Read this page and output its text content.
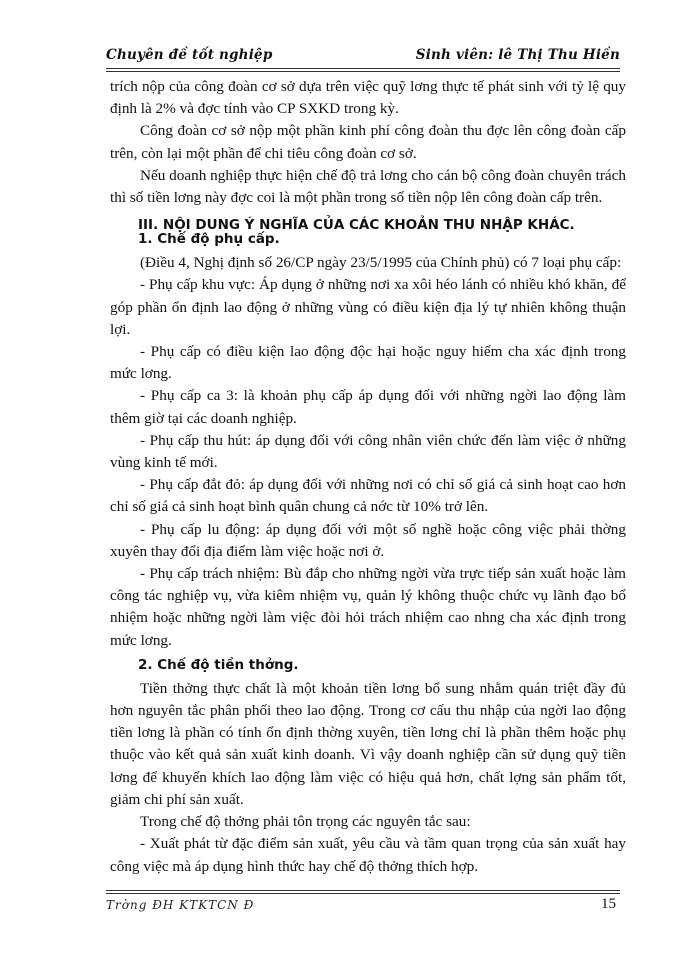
Chuyên đề tốt nghiệp	Sinh viên: lê Thị Thu Hiền

trích nộp của công đoàn cơ sở dựa trên việc quỹ lơng thực tế phát sinh với tỷ lệ quy định là 2% và đợc tính vào CP SXKD trong kỳ.

Công đoàn cơ sở nộp một phần kinh phí công đoàn thu đợc lên công đoàn cấp trên, còn lại một phần để chi tiêu công đoàn cơ sở.

Nếu doanh nghiệp thực hiện chế độ trả lơng cho cán bộ công đoàn chuyên trách thì số tiền lơng này đợc coi là một phần trong số tiền nộp lên công đoàn cấp trên.

III. NỘI DUNG Ý NGHĨA CỦA CÁC KHOẢN THU NHẬP KHÁC.

1. Chế độ phụ cấp.

(Điều 4, Nghị định số 26/CP ngày 23/5/1995 của Chính phủ) có 7 loại phụ cấp:

- Phụ cấp khu vực: Áp dụng ở những nơi xa xôi héo lánh có nhiều khó khăn, để góp phần ổn định lao động ở những vùng có điều kiện địa lý tự nhiên không thuận lợi.

- Phụ cấp có điều kiện lao động độc hại hoặc nguy hiểm cha xác định trong mức lơng.

- Phụ cấp ca 3: là khoản phụ cấp áp dụng đối với những ngời lao động làm thêm giờ tại các doanh nghiệp.

- Phụ cấp thu hút: áp dụng đối với công nhân viên chức đến làm việc ở những vùng kinh tế mới.

- Phụ cấp đắt đỏ: áp dụng đối với những nơi có chỉ số giá cả sinh hoạt cao hơn chỉ số giá cả sinh hoạt bình quân chung cả nớc từ 10% trở lên.

- Phụ cấp lu động: áp dụng đối với một số nghề hoặc công việc phải thờng xuyên thay đổi địa điểm làm việc hoặc nơi ở.

- Phụ cấp trách nhiệm: Bù đắp cho những ngời vừa trực tiếp sản xuất hoặc làm công tác nghiệp vụ, vừa kiêm nhiệm vụ, quản lý không thuộc chức vụ lãnh đạo bổ nhiệm hoặc những ngời làm việc đòi hỏi trách nhiệm cao nhng cha xác định trong mức lơng.

2. Chế độ tiền thởng.

Tiền thởng thực chất là một khoản tiền lơng bổ sung nhằm quán triệt đầy đủ hơn nguyên tắc phân phối theo lao động. Trong cơ cấu thu nhập của ngời lao động tiền lơng là phần có tính ổn định thờng xuyên, tiền lơng chỉ là phần thêm hoặc phụ thuộc vào kết quả sản xuất kinh doanh. Vì vậy doanh nghiệp cần sử dụng quỹ tiền lơng để khuyến khích lao động làm việc có hiệu quả hơn, chất lợng sản phẩm tốt, giảm chi phí sản xuất.

Trong chế độ thởng phải tôn trọng các nguyên tắc sau:

- Xuất phát từ đặc điểm sản xuất, yêu cầu và tầm quan trọng của sản xuất hay công việc mà áp dụng hình thức hay chế độ thởng thích hợp.

Trờng ĐH KTKTCN Đ	15
